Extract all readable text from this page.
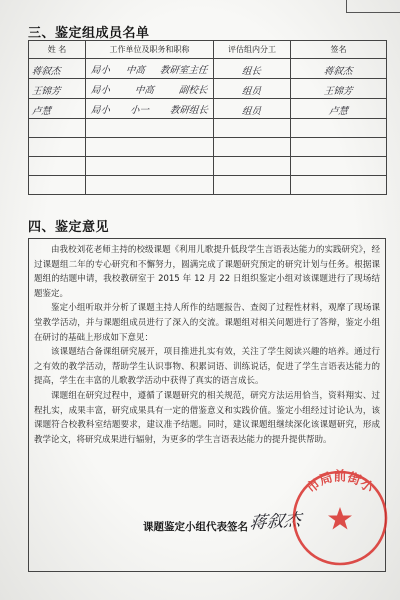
三、鉴定组成员名单
姓 名	工作单位及职务和职称	评估组内分工	签名
蒋叙杰	局小 中高 教研室主任	组长	蒋叙杰
王锦芳	局小 中高 副校长	组员	王锦芳
卢慧	局小 小一 教研组长	组员	卢慧

四、鉴定意见

由我校刘花老师主持的校级课题《利用儿歌提升低段学生言语表达能力的实践研究》，经过课题组二年的专心研究和不懈努力，圆满完成了课题研究预定的研究计划与任务。根据课题组的结题申请，我校教研室于 2015 年 12 月 22 日组织鉴定小组对该课题进行了现场结题鉴定。

鉴定小组听取并分析了课题主持人所作的结题报告、查阅了过程性材料，观摩了现场课堂教学活动，并与课题组成员进行了深入的交流。课题组对相关问题进行了答辩，鉴定小组在研讨的基础上形成如下意见：

该课题结合备课组研究展开，项目推进扎实有效，关注了学生阅读兴趣的培养。通过行之有效的教学活动，帮助学生认识事物、积累词语、训练说话，促进了学生言语表达能力的提高，学生在丰富的儿歌教学活动中获得了真实的语言成长。

课题组在研究过程中，遵循了课题研究的相关规范，研究方法运用恰当，资料翔实、过程扎实，成果丰富，研究成果具有一定的借鉴意义和实践价值。鉴定小组经过讨论认为，该课题符合校教科室结题要求，建议准予结题。同时，建议课题组继续深化该课题研究，形成教学论文，将研究成果进行辐射，为更多的学生言语表达能力的提升提供帮助。

课题鉴定小组代表签名 蒋叙杰
市局前街小
